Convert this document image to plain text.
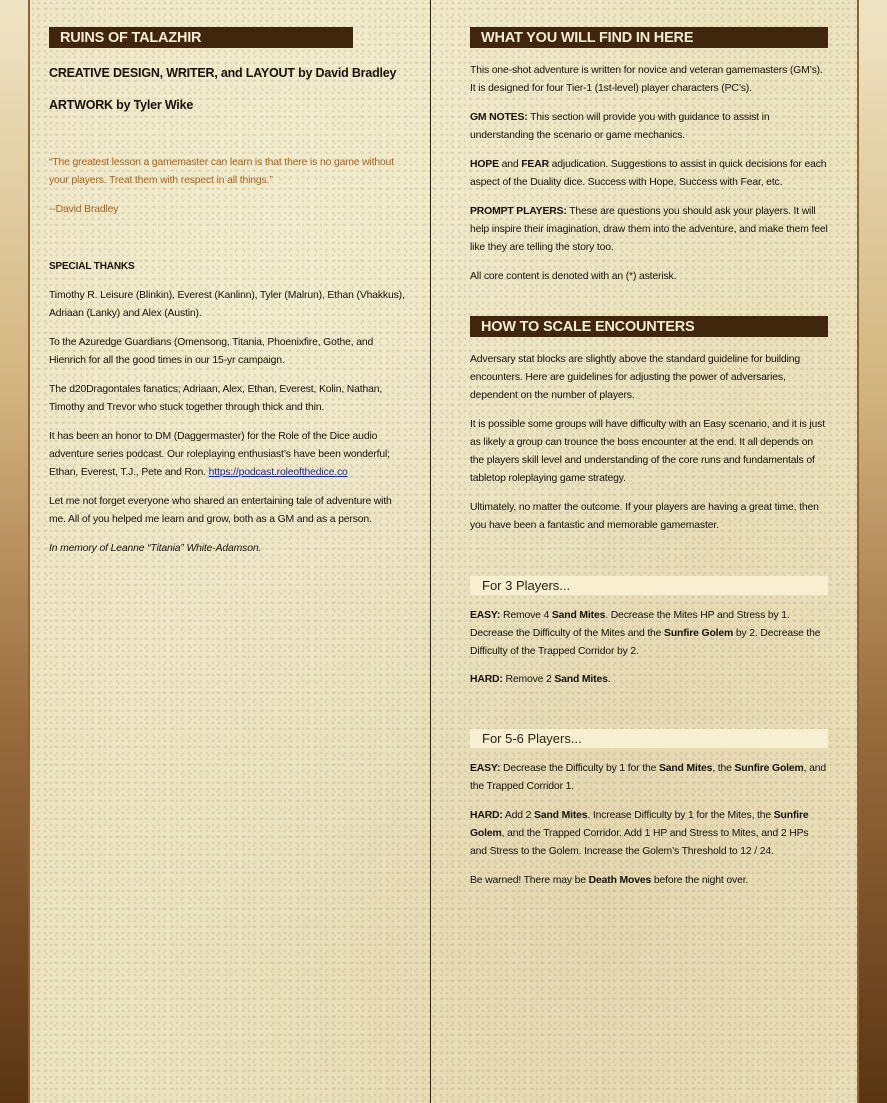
RUINS OF TALAZHIR

CREATIVE DESIGN, WRITER, and LAYOUT by David Bradley

ARTWORK by Tyler Wike

“The greatest lesson a gamemaster can learn is that there is no game without your players. Treat them with respect in all things.”

--David Bradley

SPECIAL THANKS

Timothy R. Leisure (Blinkin), Everest (Kanlinn), Tyler (Malrun), Ethan (Vhakkus), Adriaan (Lanky) and Alex (Austin).

To the Azuredge Guardians (Omensong, Titania, Phoenixfire, Gothe, and Hienrich for all the good times in our 15-yr campaign.

The d20Dragontales fanatics; Adriaan, Alex, Ethan, Everest, Kolin, Nathan, Timothy and Trevor who stuck together through thick and thin.

It has been an honor to DM (Daggermaster) for the Role of the Dice audio adventure series podcast. Our roleplaying enthusiast’s have been wonderful; Ethan, Everest, T.J., Pete and Ron. https://podcast.roleofthedice.co

Let me not forget everyone who shared an entertaining tale of adventure with me. All of you helped me learn and grow, both as a GM and as a person.

In memory of Leanne “Titania” White-Adamson.

WHAT YOU WILL FIND IN HERE

This one-shot adventure is written for novice and veteran gamemasters (GM’s). It is designed for four Tier-1 (1st-level) player characters (PC’s).

GM NOTES: This section will provide you with guidance to assist in understanding the scenario or game mechanics.

HOPE and FEAR adjudication. Suggestions to assist in quick decisions for each aspect of the Duality dice. Success with Hope, Success with Fear, etc.

PROMPT PLAYERS: These are questions you should ask your players. It will help inspire their imagination, draw them into the adventure, and make them feel like they are telling the story too.

All core content is denoted with an (*) asterisk.

HOW TO SCALE ENCOUNTERS

Adversary stat blocks are slightly above the standard guideline for building encounters. Here are guidelines for adjusting the power of adversaries, dependent on the number of players.

It is possible some groups will have difficulty with an Easy scenario, and it is just as likely a group can trounce the boss encounter at the end. It all depends on the players skill level and understanding of the core runs and fundamentals of tabletop roleplaying game strategy.

Ultimately, no matter the outcome. If your players are having a great time, then you have been a fantastic and memorable gamemaster.

For 3 Players...

EASY: Remove 4 Sand Mites. Decrease the Mites HP and Stress by 1. Decrease the Difficulty of the Mites and the Sunfire Golem by 2. Decrease the Difficulty of the Trapped Corridor by 2.

HARD: Remove 2 Sand Mites.

For 5-6 Players...

EASY: Decrease the Difficulty by 1 for the Sand Mites, the Sunfire Golem, and the Trapped Corridor 1.

HARD: Add 2 Sand Mites. Increase Difficulty by 1 for the Mites, the Sunfire Golem, and the Trapped Corridor. Add 1 HP and Stress to Mites, and 2 HPs and Stress to the Golem. Increase the Golem’s Threshold to 12 / 24.

Be warned! There may be Death Moves before the night over.
